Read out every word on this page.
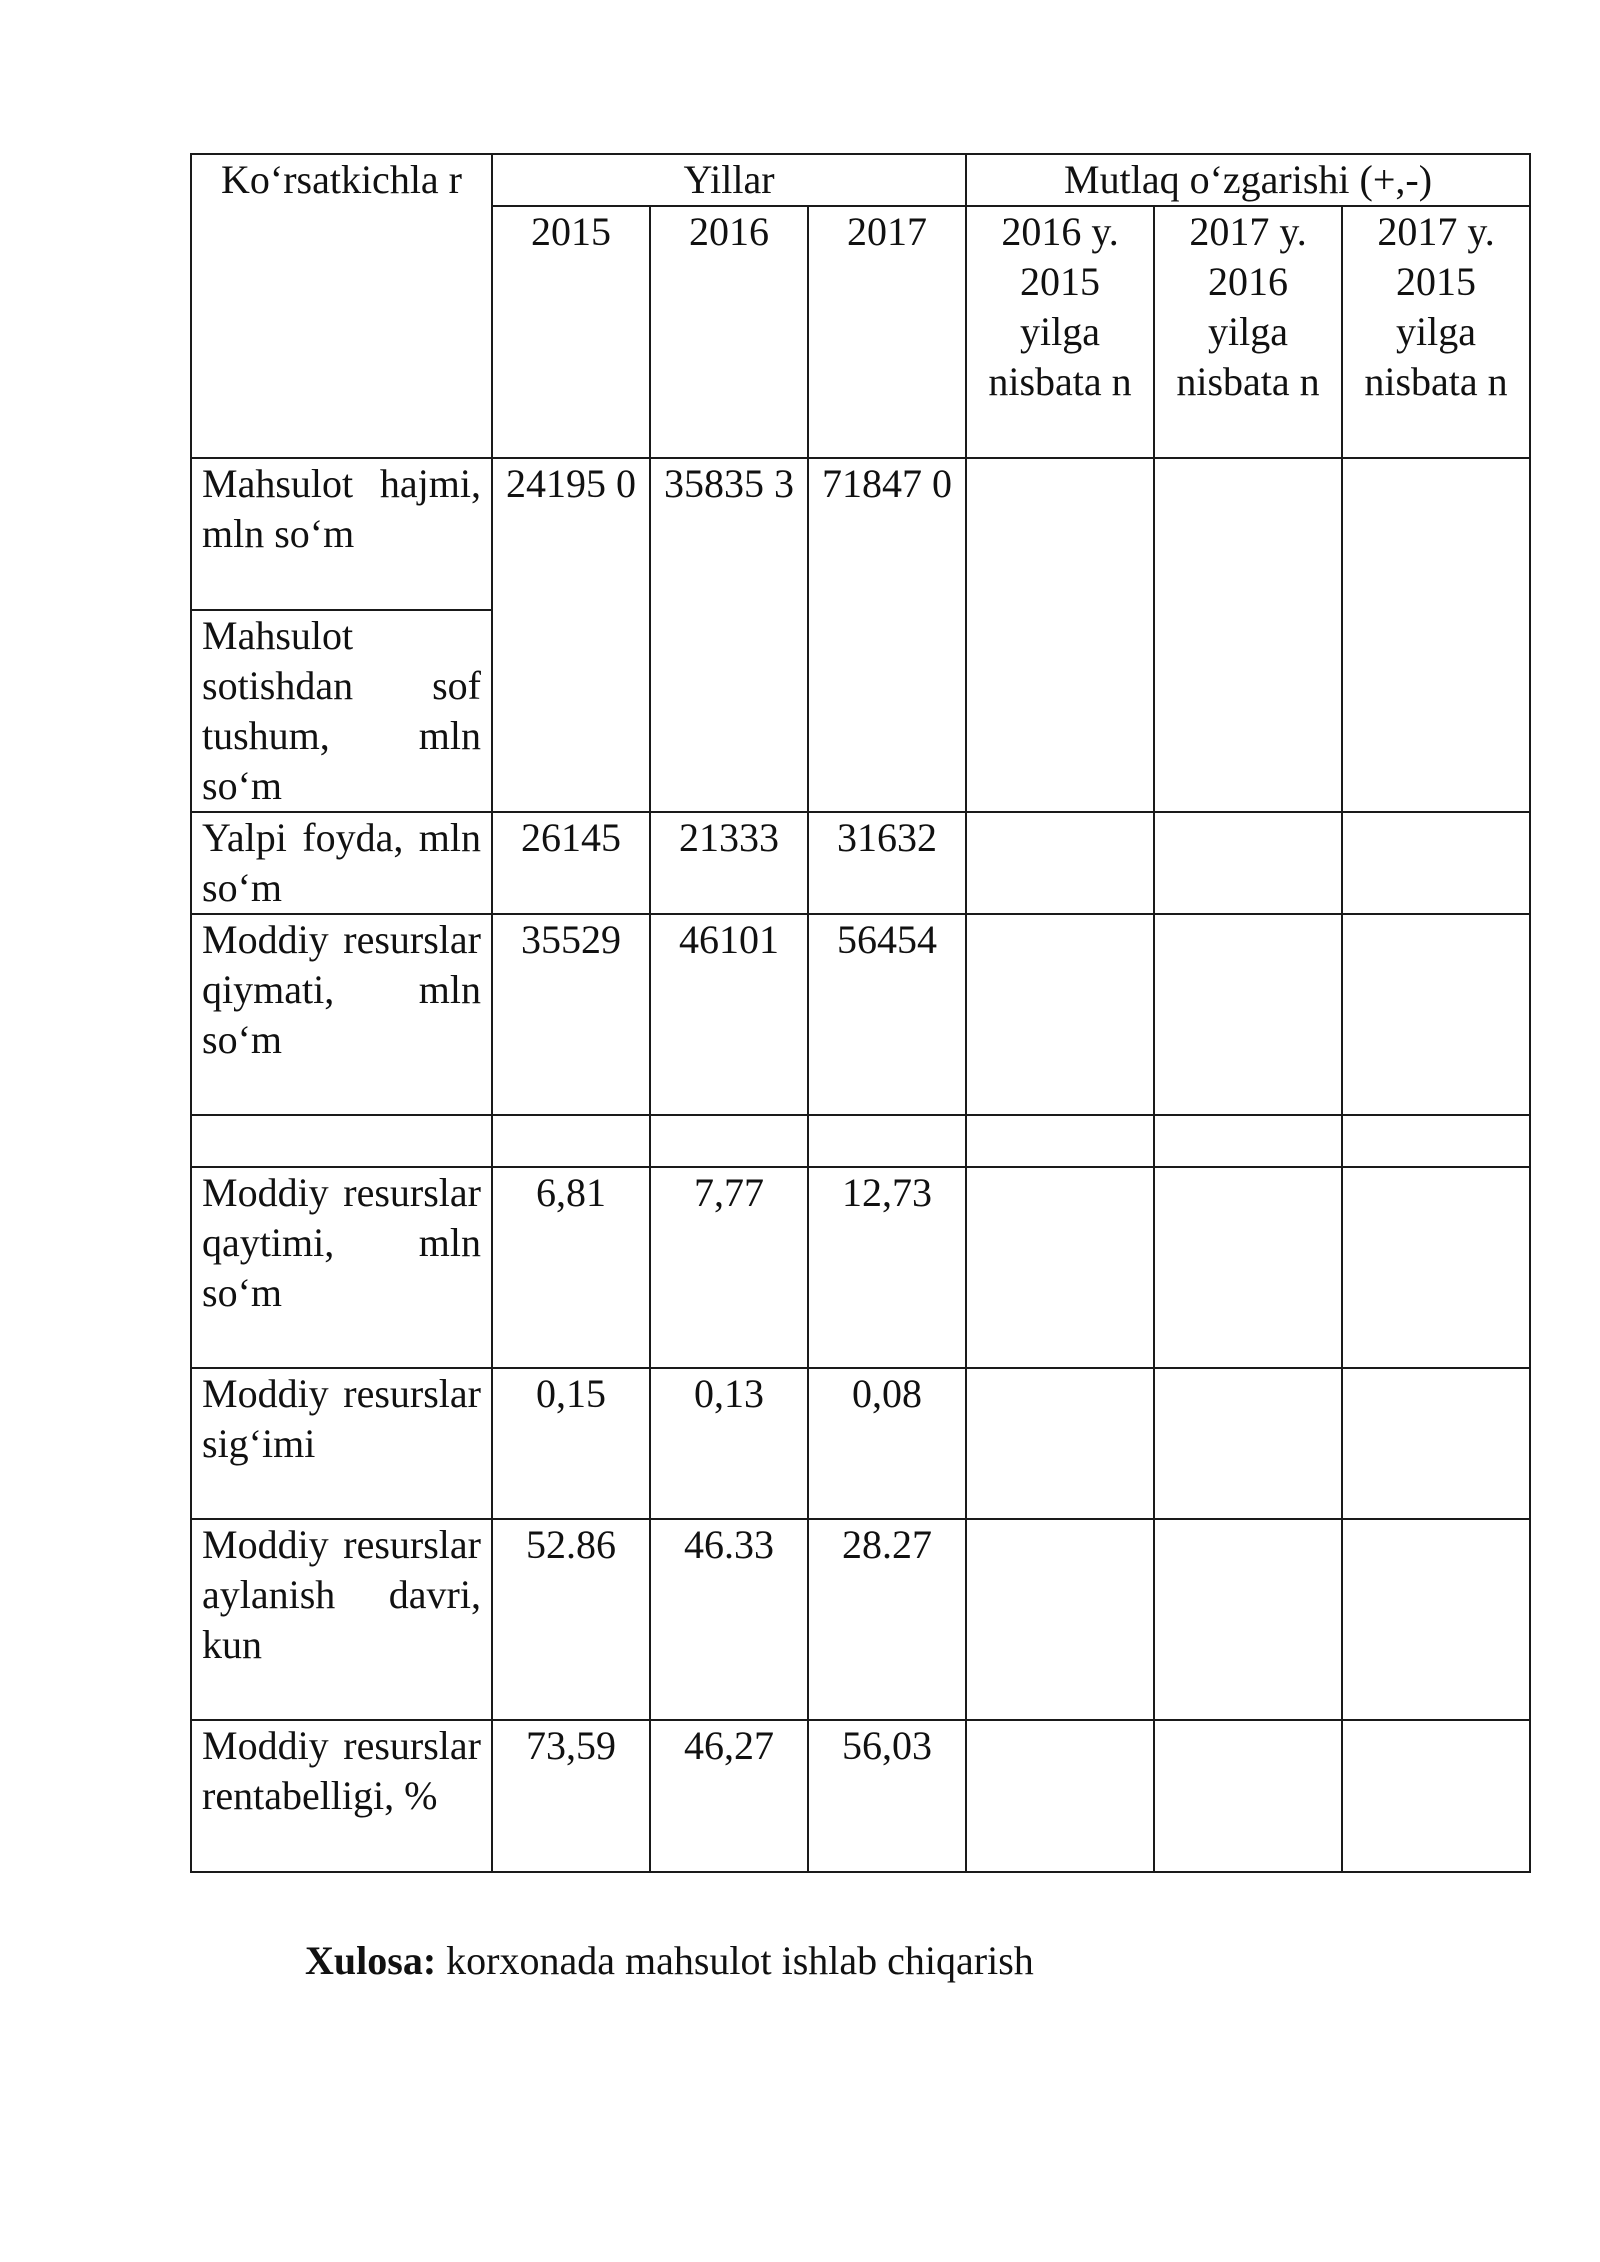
Ko‘rsatkichla r	Yillar			Mutlaq o‘zgarishi (+,-)		
	2015	2016	2017	2016 y. 2015 yilga nisbata n	2017 y. 2016 yilga nisbata n	2017 y. 2015 yilga nisbata n
Mahsulot hajmi, mln so‘m	24195 0	35835 3	71847 0			
Mahsulot sotishdan sof tushum, mln so‘m						
Yalpi foyda, mln so‘m	26145	21333	31632			
Moddiy resurslar qiymati, mln so‘m	35529	46101	56454			

Moddiy resurslar qaytimi, mln so‘m	6,81	7,77	12,73			
Moddiy resurslar sig‘imi	0,15	0,13	0,08			
Moddiy resurslar aylanish davri, kun	52.86	46.33	28.27			
Moddiy resurslar rentabelligi, %	73,59	46,27	56,03			
Xulosa: korxonada mahsulot ishlab chiqarish
